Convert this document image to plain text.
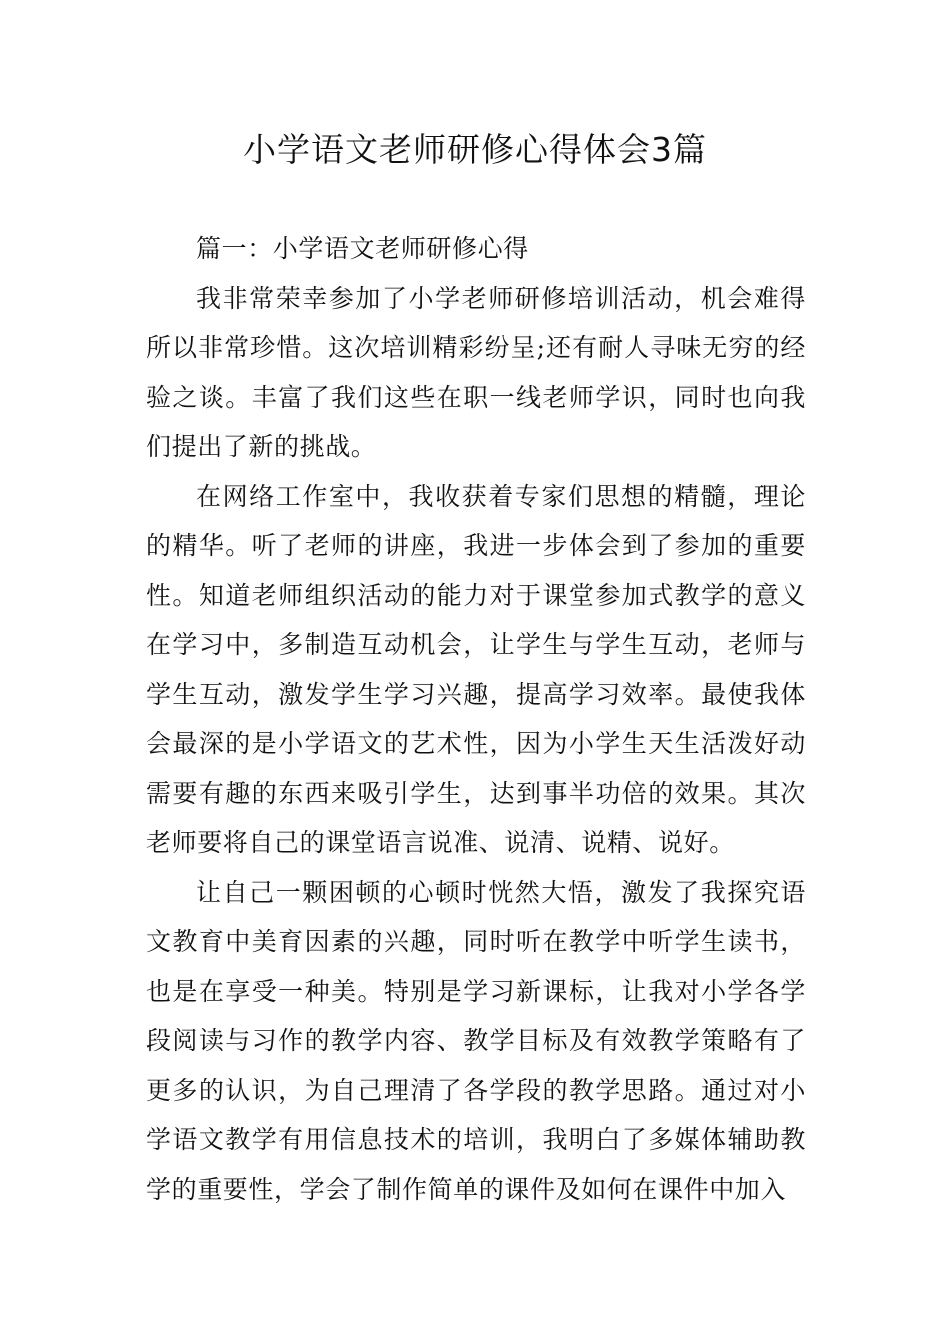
小学语文老师研修心得体会3篇

篇一：小学语文老师研修心得

我非常荣幸参加了小学老师研修培训活动，机会难得所以非常珍惜。这次培训精彩纷呈;还有耐人寻味无穷的经验之谈。丰富了我们这些在职一线老师学识，同时也向我们提出了新的挑战。

在网络工作室中，我收获着专家们思想的精髓，理论的精华。听了老师的讲座，我进一步体会到了参加的重要性。知道老师组织活动的能力对于课堂参加式教学的意义在学习中，多制造互动机会，让学生与学生互动，老师与学生互动，激发学生学习兴趣，提高学习效率。最使我体会最深的是小学语文的艺术性，因为小学生天生活泼好动需要有趣的东西来吸引学生，达到事半功倍的效果。其次老师要将自己的课堂语言说准、说清、说精、说好。

让自己一颗困顿的心顿时恍然大悟，激发了我探究语文教育中美育因素的兴趣，同时听在教学中听学生读书，也是在享受一种美。特别是学习新课标，让我对小学各学段阅读与习作的教学内容、教学目标及有效教学策略有了更多的认识，为自己理清了各学段的教学思路。通过对小学语文教学有用信息技术的培训，我明白了多媒体辅助教学的重要性，学会了制作简单的课件及如何在课件中加入
